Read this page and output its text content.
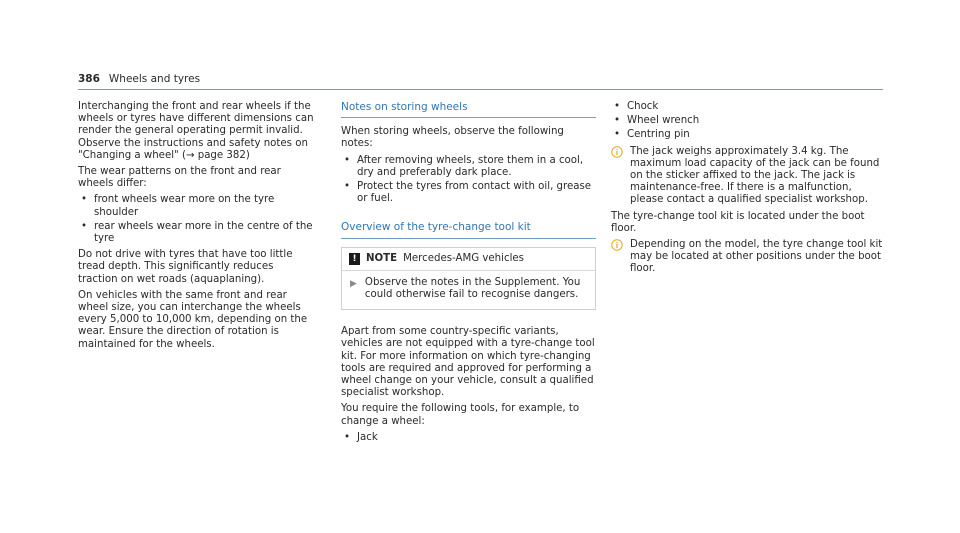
386 Wheels and tyres

Interchanging the front and rear wheels if the wheels or tyres have different dimensions can render the general operating permit invalid. Observe the instructions and safety notes on "Changing a wheel" (→ page 382)

The wear patterns on the front and rear wheels differ:

• front wheels wear more on the tyre shoulder
• rear wheels wear more in the centre of the tyre

Do not drive with tyres that have too little tread depth. This significantly reduces traction on wet roads (aquaplaning).

On vehicles with the same front and rear wheel size, you can interchange the wheels every 5,000 to 10,000 km, depending on the wear. Ensure the direction of rotation is maintained for the wheels.

Notes on storing wheels

When storing wheels, observe the following notes:

• After removing wheels, store them in a cool, dry and preferably dark place.
• Protect the tyres from contact with oil, grease or fuel.
Overview of the tyre-change tool kit
! NOTE Mercedes-AMG vehicles
▶ Observe the notes in the Supplement. You could otherwise fail to recognise dangers.

Apart from some country-specific variants, vehicles are not equipped with a tyre-change tool kit. For more information on which tyre-changing tools are required and approved for performing a wheel change on your vehicle, consult a qualified specialist workshop.

You require the following tools, for example, to change a wheel:

• Jack
• Chock
• Wheel wrench
• Centring pin
The jack weighs approximately 3.4 kg. The maximum load capacity of the jack can be found on the sticker affixed to the jack. The jack is maintenance-free. If there is a malfunction, please contact a qualified specialist workshop.

The tyre-change tool kit is located under the boot floor.

Depending on the model, the tyre change tool kit may be located at other positions under the boot floor.
